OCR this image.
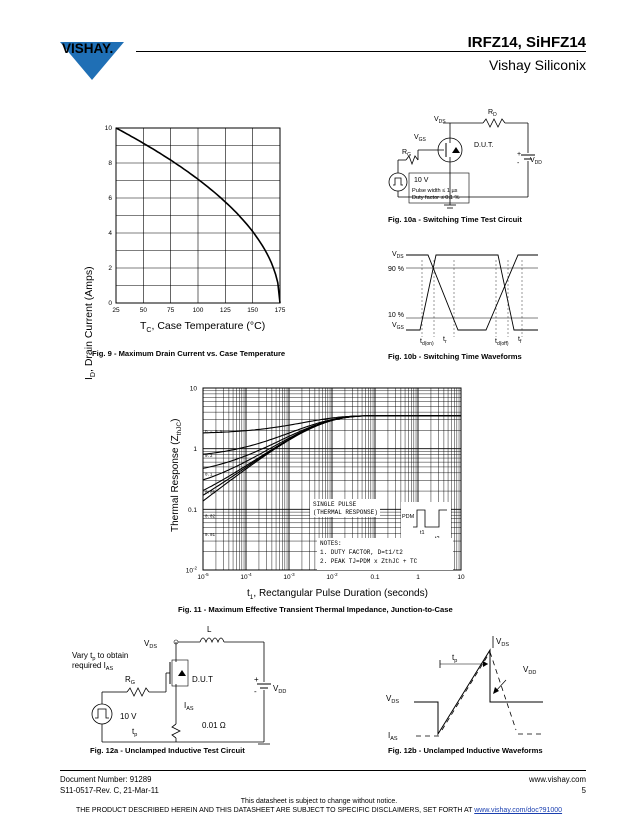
VISHAY.	IRFZ14, SiHFZ14
Vishay Siliconix
25	50	75	100	125	150	175
0
2
4
6
8
10
$I_D$, Drain Current (Amps)	$T_C$, Case Temperature (°C)
Fig. 9 - Maximum Drain Current vs. Case Temperature
$V_{DS}$
$R_D$
$V_{GS}$
$R_G$
D.U.T.
+
- $V_{DD}$
10 V
Pulse width ≤ 1 µs
Duty factor ≤ 0.1 %
Fig. 10a - Switching Time Test Circuit
$V_{DS}$
90 %
10 %
$V_{GS}$
$t_{d(on)}$
$t_r$	$t_{d(off)}$
$t_f$
Fig. 10b - Switching Time Waveforms
D = 0.5
0.2
0.1
0.05
0.02
0.01
10
1
0.1
$10^{-2}$
$10^{-5}$	$10^{-4}$	$10^{-3}$	$10^{-2}$	0.1	1	10
Thermal Response $(Z_{thJC})$
$t_1$, Rectangular Pulse Duration (seconds)
SINGLE PULSE
(THERMAL RESPONSE)
PDM
t1
NOTES:
1. DUTY FACTOR, D=t1/t2
2. PEAK TJ=PDM x ZthJC + TC
Fig. 11 - Maximum Effective Transient Thermal Impedance, Junction-to-Case
Vary $t_p$ to obtain
required $I_{AS}$
L
$V_{DS}$
$R_G$	D.U.T
$I_{AS}$
$t_p$
10 V
0.01 Ω
+
- $V_{DD}$
Fig. 12a - Unclamped Inductive Test Circuit
$V_{DS}$
$t_p$
$V_{DD}$
$V_{DS}$
$I_{AS}$
Fig. 12b - Unclamped Inductive Waveforms
Document Number: 91289
S11-0517-Rev. C, 21-Mar-11
www.vishay.com
5
This datasheet is subject to change without notice.
THE PRODUCT DESCRIBED HEREIN AND THIS DATASHEET ARE SUBJECT TO SPECIFIC DISCLAIMERS, SET FORTH AT www.vishay.com/doc?91000
